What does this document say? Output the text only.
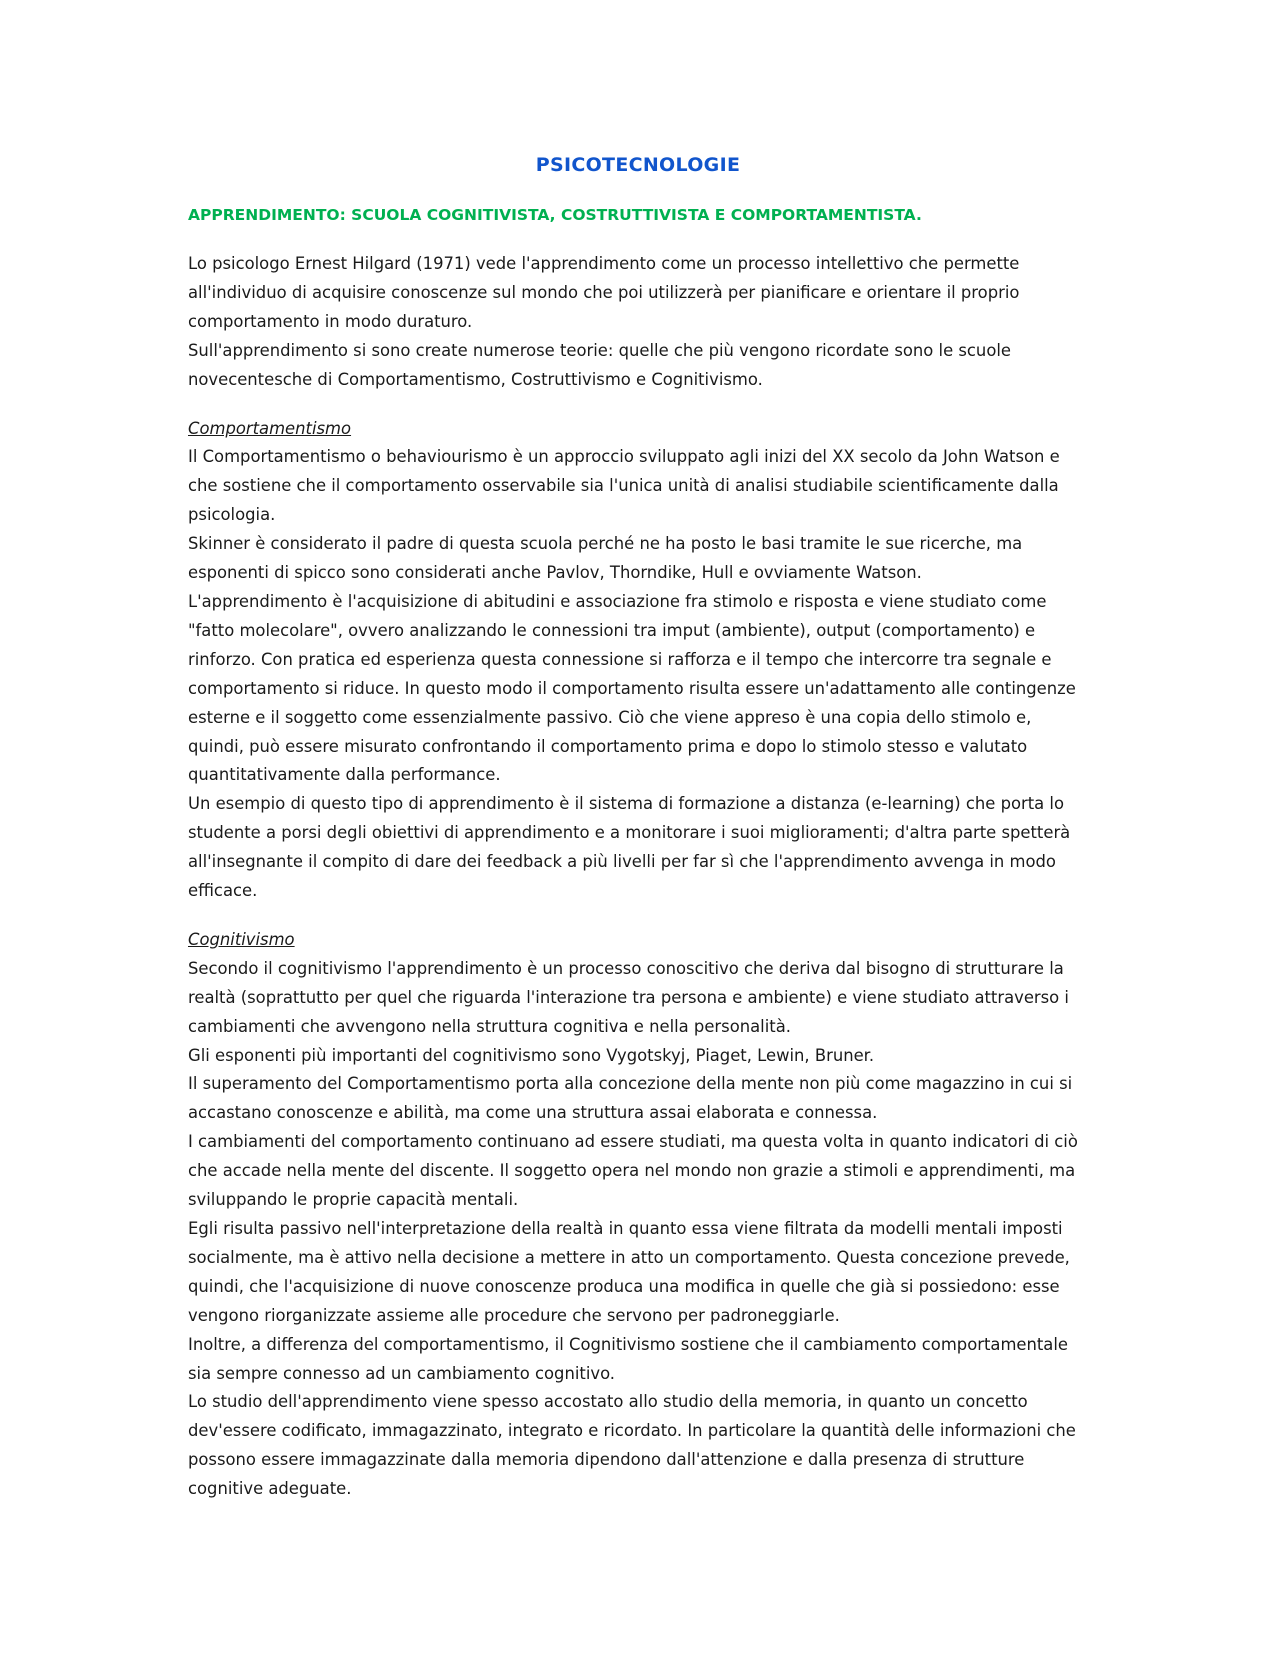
PSICOTECNOLOGIE
APPRENDIMENTO: SCUOLA COGNITIVISTA, COSTRUTTIVISTA E COMPORTAMENTISTA.

Lo psicologo Ernest Hilgard (1971) vede l'apprendimento come un processo intellettivo che permette all'individuo di acquisire conoscenze sul mondo che poi utilizzerà per pianificare e orientare il proprio comportamento in modo duraturo.

Sull'apprendimento si sono create numerose teorie: quelle che più vengono ricordate sono le scuole novecentesche di Comportamentismo, Costruttivismo e Cognitivismo.

Comportamentismo

Il Comportamentismo o behaviourismo è un approccio sviluppato agli inizi del XX secolo da John Watson e che sostiene che il comportamento osservabile sia l'unica unità di analisi studiabile scientificamente dalla psicologia.

Skinner è considerato il padre di questa scuola perché ne ha posto le basi tramite le sue ricerche, ma esponenti di spicco sono considerati anche Pavlov, Thorndike, Hull e ovviamente Watson.

L'apprendimento è l'acquisizione di abitudini e associazione fra stimolo e risposta e viene studiato come "fatto molecolare", ovvero analizzando le connessioni tra imput (ambiente), output (comportamento) e rinforzo. Con pratica ed esperienza questa connessione si rafforza e il tempo che intercorre tra segnale e comportamento si riduce. In questo modo il comportamento risulta essere un'adattamento alle contingenze esterne e il soggetto come essenzialmente passivo. Ciò che viene appreso è una copia dello stimolo e, quindi, può essere misurato confrontando il comportamento prima e dopo lo stimolo stesso e valutato quantitativamente dalla performance.

Un esempio di questo tipo di apprendimento è il sistema di formazione a distanza (e-learning) che porta lo studente a porsi degli obiettivi di apprendimento e a monitorare i suoi miglioramenti; d'altra parte spetterà all'insegnante il compito di dare dei feedback a più livelli per far sì che l'apprendimento avvenga in modo efficace.

Cognitivismo

Secondo il cognitivismo l'apprendimento è un processo conoscitivo che deriva dal bisogno di strutturare la realtà (soprattutto per quel che riguarda l'interazione tra persona e ambiente) e viene studiato attraverso i cambiamenti che avvengono nella struttura cognitiva e nella personalità.

Gli esponenti più importanti del cognitivismo sono Vygotskyj, Piaget, Lewin, Bruner.

Il superamento del Comportamentismo porta alla concezione della mente non più come magazzino in cui si accastano conoscenze e abilità, ma come una struttura assai elaborata e connessa.

I cambiamenti del comportamento continuano ad essere studiati, ma questa volta in quanto indicatori di ciò che accade nella mente del discente. Il soggetto opera nel mondo non grazie a stimoli e apprendimenti, ma sviluppando le proprie capacità mentali.

Egli risulta passivo nell'interpretazione della realtà in quanto essa viene filtrata da modelli mentali imposti socialmente, ma è attivo nella decisione a mettere in atto un comportamento. Questa concezione prevede, quindi, che l'acquisizione di nuove conoscenze produca una modifica in quelle che già si possiedono: esse vengono riorganizzate assieme alle procedure che servono per padroneggiarle.

Inoltre, a differenza del comportamentismo, il Cognitivismo sostiene che il cambiamento comportamentale sia sempre connesso ad un cambiamento cognitivo.

Lo studio dell'apprendimento viene spesso accostato allo studio della memoria, in quanto un concetto dev'essere codificato, immagazzinato, integrato e ricordato. In particolare la quantità delle informazioni che possono essere immagazzinate dalla memoria dipendono dall'attenzione e dalla presenza di strutture cognitive adeguate.
